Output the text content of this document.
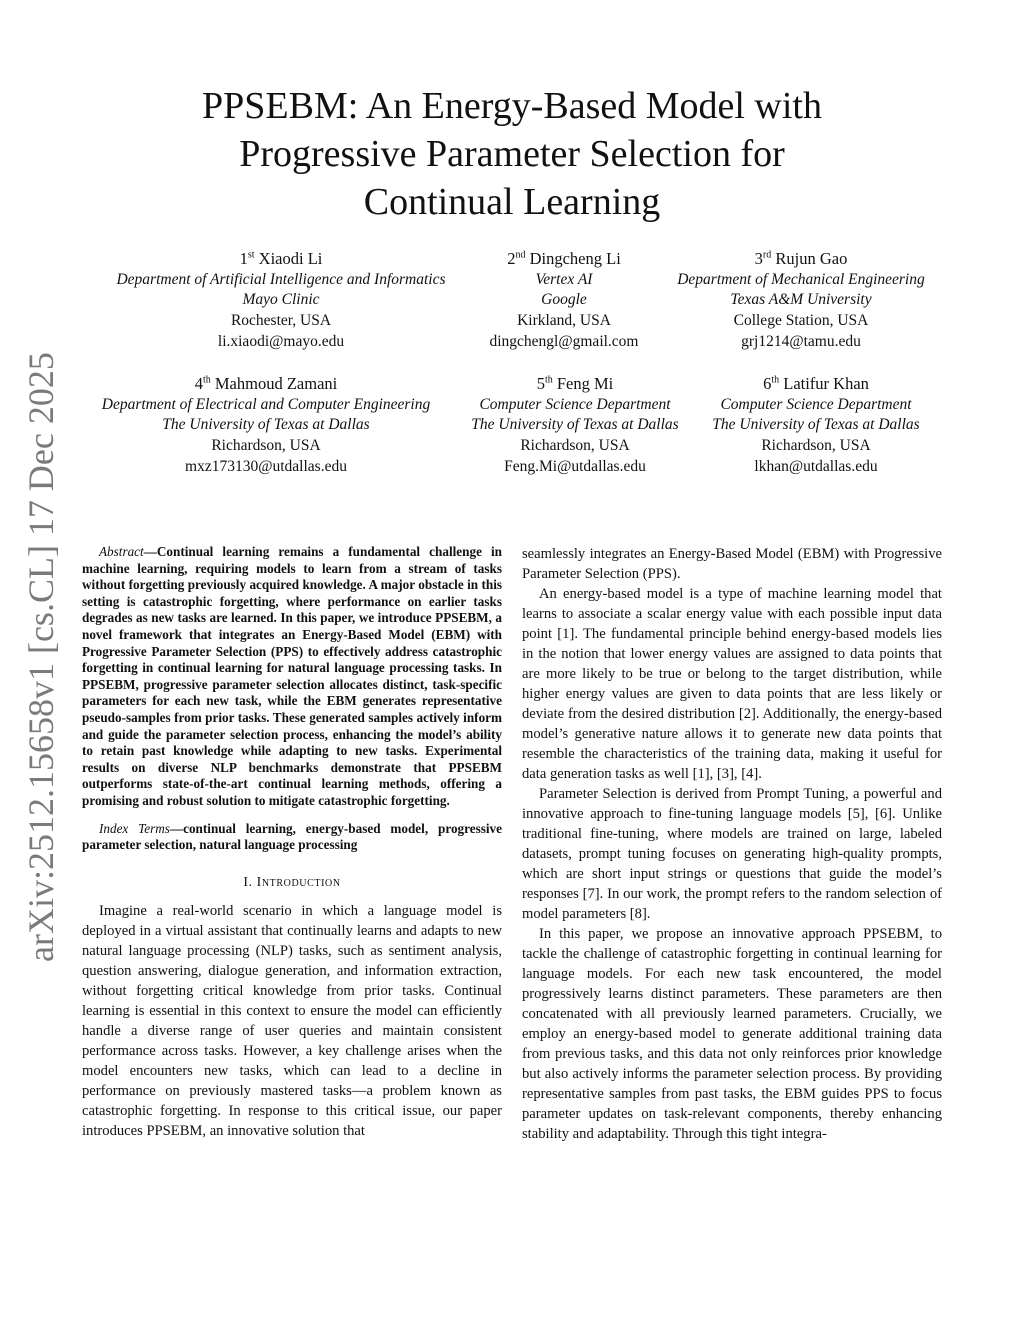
arXiv:2512.15658v1 [cs.CL] 17 Dec 2025
PPSEBM: An Energy-Based Model with
Progressive Parameter Selection for
Continual Learning
1st Xiaodi Li
Department of Artificial Intelligence and Informatics
Mayo Clinic
Rochester, USA
li.xiaodi@mayo.edu
2nd Dingcheng Li
Vertex AI
Google
Kirkland, USA
dingchengl@gmail.com
3rd Rujun Gao
Department of Mechanical Engineering
Texas A&M University
College Station, USA
grj1214@tamu.edu
4th Mahmoud Zamani
Department of Electrical and Computer Engineering
The University of Texas at Dallas
Richardson, USA
mxz173130@utdallas.edu
5th Feng Mi
Computer Science Department
The University of Texas at Dallas
Richardson, USA
Feng.Mi@utdallas.edu
6th Latifur Khan
Computer Science Department
The University of Texas at Dallas
Richardson, USA
lkhan@utdallas.edu

Abstract—Continual learning remains a fundamental challenge in machine learning, requiring models to learn from a stream of tasks without forgetting previously acquired knowledge. A major obstacle in this setting is catastrophic forgetting, where performance on earlier tasks degrades as new tasks are learned. In this paper, we introduce PPSEBM, a novel framework that integrates an Energy-Based Model (EBM) with Progressive Parameter Selection (PPS) to effectively address catastrophic forgetting in continual learning for natural language processing tasks. In PPSEBM, progressive parameter selection allocates distinct, task-specific parameters for each new task, while the EBM generates representative pseudo-samples from prior tasks. These generated samples actively inform and guide the parameter selection process, enhancing the model’s ability to retain past knowledge while adapting to new tasks. Experimental results on diverse NLP benchmarks demonstrate that PPSEBM outperforms state-of-the-art continual learning methods, offering a promising and robust solution to mitigate catastrophic forgetting.

Index Terms—continual learning, energy-based model, progressive parameter selection, natural language processing

I. Introduction

Imagine a real-world scenario in which a language model is deployed in a virtual assistant that continually learns and adapts to new natural language processing (NLP) tasks, such as sentiment analysis, question answering, dialogue generation, and information extraction, without forgetting critical knowledge from prior tasks. Continual learning is essential in this context to ensure the model can efficiently handle a diverse range of user queries and maintain consistent performance across tasks. However, a key challenge arises when the model encounters new tasks, which can lead to a decline in performance on previously mastered tasks—a problem known as catastrophic forgetting. In response to this critical issue, our paper introduces PPSEBM, an innovative solution that

seamlessly integrates an Energy-Based Model (EBM) with Progressive Parameter Selection (PPS).

An energy-based model is a type of machine learning model that learns to associate a scalar energy value with each possible input data point [1]. The fundamental principle behind energy-based models lies in the notion that lower energy values are assigned to data points that are more likely to be true or belong to the target distribution, while higher energy values are given to data points that are less likely or deviate from the desired distribution [2]. Additionally, the energy-based model’s generative nature allows it to generate new data points that resemble the characteristics of the training data, making it useful for data generation tasks as well [1], [3], [4].

Parameter Selection is derived from Prompt Tuning, a powerful and innovative approach to fine-tuning language models [5], [6]. Unlike traditional fine-tuning, where models are trained on large, labeled datasets, prompt tuning focuses on generating high-quality prompts, which are short input strings or questions that guide the model’s responses [7]. In our work, the prompt refers to the random selection of model parameters [8].

In this paper, we propose an innovative approach PPSEBM, to tackle the challenge of catastrophic forgetting in continual learning for language models. For each new task encountered, the model progressively learns distinct parameters. These parameters are then concatenated with all previously learned parameters. Crucially, we employ an energy-based model to generate additional training data from previous tasks, and this data not only reinforces prior knowledge but also actively informs the parameter selection process. By providing representative samples from past tasks, the EBM guides PPS to focus parameter updates on task-relevant components, thereby enhancing stability and adaptability. Through this tight integra-
